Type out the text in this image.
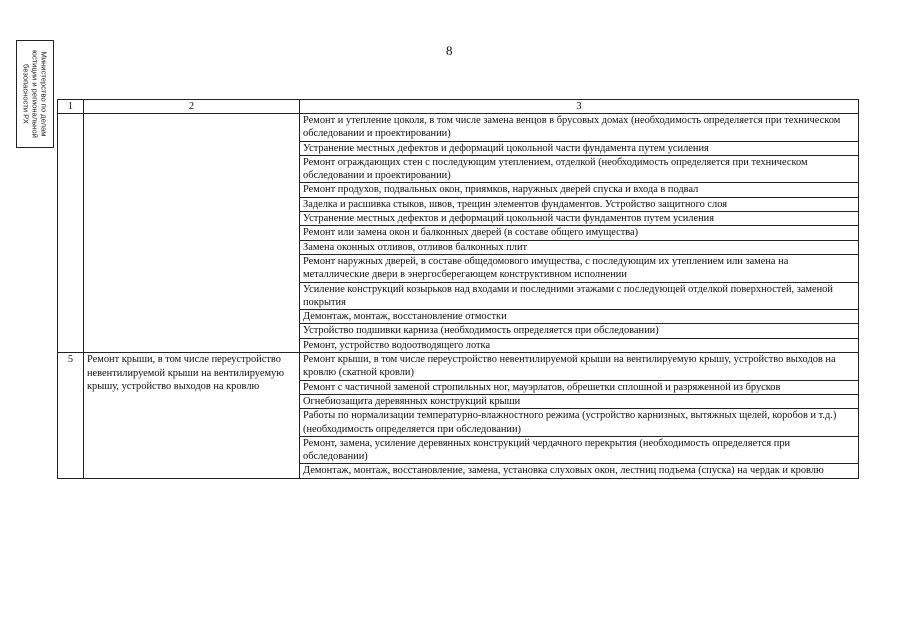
Министерство по делам
юстиции и региональной
безопасности РХ
8
1	2	3
		Ремонт и утепление цоколя, в том числе замена венцов в брусовых домах (необходимость определяется при техническом обследовании и проектировании)
		Устранение местных дефектов и деформаций цокольной части фундамента путем усиления
		Ремонт ограждающих стен с последующим утеплением, отделкой (необходимость определяется при техническом обследовании и проектировании)
		Ремонт продухов, подвальных окон, приямков, наружных дверей спуска и входа в подвал
		Заделка и расшивка стыков, швов, трещин элементов фундаментов. Устройство защитного слоя
		Устранение местных дефектов и деформаций цокольной части фундаментов путем усиления
		Ремонт или замена окон и балконных дверей (в составе общего имущества)
		Замена оконных отливов, отливов балконных плит
		Ремонт наружных дверей, в составе общедомового имущества, с последующим их утеплением или замена на металлические двери в энергосберегающем конструктивном исполнении
		Усиление конструкций козырьков над входами и последними этажами с последующей отделкой поверхностей, заменой покрытия
		Демонтаж, монтаж, восстановление отмостки
		Устройство подшивки карниза (необходимость определяется при обследовании)
		Ремонт, устройство водоотводящего лотка
5	Ремонт крыши, в том числе переустройство невентилируемой крыши на вентилируемую крышу, устройство выходов на кровлю	Ремонт крыши, в том числе переустройство невентилируемой крыши на вентилируемую крышу, устройство выходов на кровлю (скатной кровли)
		Ремонт с частичной заменой стропильных ног, мауэрлатов, обрешетки сплошной и разряженной из брусков
		Огнебиозащита деревянных конструкций крыши
		Работы по нормализации температурно-влажностного режима (устройство карнизных, вытяжных щелей, коробов и т.д.) (необходимость определяется при обследовании)
		Ремонт, замена, усиление деревянных конструкций чердачного перекрытия (необходимость определяется при обследовании)
		Демонтаж, монтаж, восстановление, замена, установка слуховых окон, лестниц подъема (спуска) на чердак и кровлю
